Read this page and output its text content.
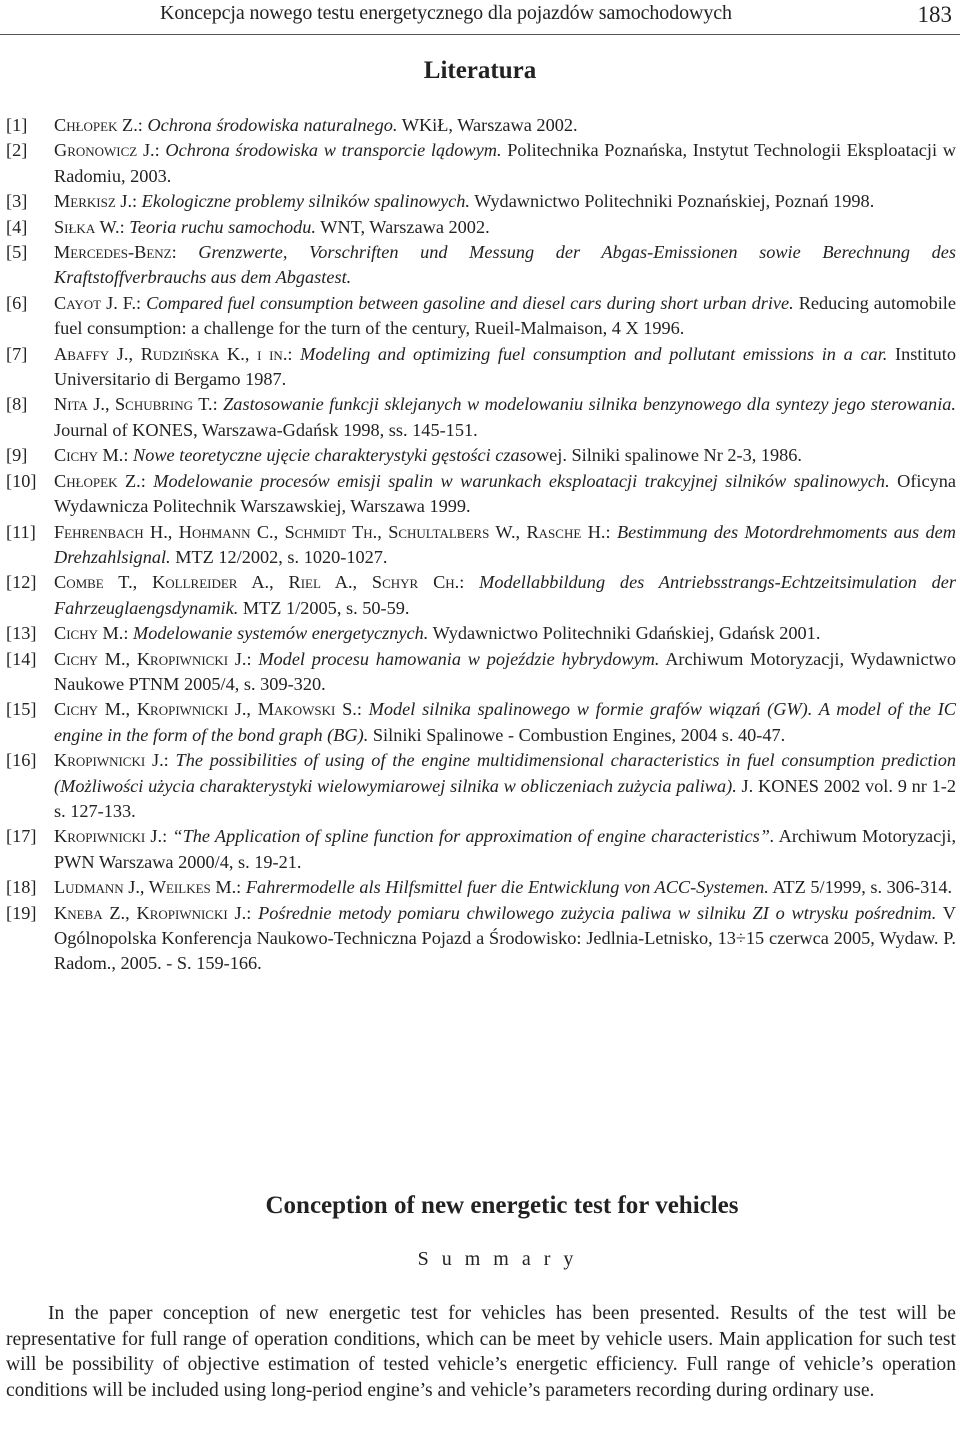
Koncepcja nowego testu energetycznego dla pojazdów samochodowych	183
Literatura
[1] Chłopek Z.: Ochrona środowiska naturalnego. WKiŁ, Warszawa 2002.
[2] Gronowicz J.: Ochrona środowiska w transporcie lądowym. Politechnika Poznańska, Instytut Technologii Eksploatacji w Radomiu, 2003.
[3] Merkisz J.: Ekologiczne problemy silników spalinowych. Wydawnictwo Politechniki Poznańskiej, Poznań 1998.
[4] Siłka W.: Teoria ruchu samochodu. WNT, Warszawa 2002.
[5] Mercedes-Benz: Grenzwerte, Vorschriften und Messung der Abgas-Emissionen sowie Berechnung des Kraftstoffverbrauchs aus dem Abgastest.
[6] Cayot J. F.: Compared fuel consumption between gasoline and diesel cars during short urban drive. Reducing automobile fuel consumption: a challenge for the turn of the century, Rueil-Malmaison, 4 X 1996.
[7] Abaffy J., Rudzińska K., i in.: Modeling and optimizing fuel consumption and pollutant emissions in a car. Instituto Universitario di Bergamo 1987.
[8] Nita J., Schubring T.: Zastosowanie funkcji sklejanych w modelowaniu silnika benzynowego dla syntezy jego sterowania. Journal of KONES, Warszawa-Gdańsk 1998, ss. 145-151.
[9] Cichy M.: Nowe teoretyczne ujęcie charakterystyki gęstości czasowej. Silniki spalinowe Nr 2-3, 1986.
[10] Chłopek Z.: Modelowanie procesów emisji spalin w warunkach eksploatacji trakcyjnej silników spalinowych. Oficyna Wydawnicza Politechnik Warszawskiej, Warszawa 1999.
[11] Fehrenbach H., Hohmann C., Schmidt Th., Schultalbers W., Rasche H.: Bestimmung des Motordrehmoments aus dem Drehzahlsignal. MTZ 12/2002, s. 1020-1027.
[12] Combe T., Kollreider A., Riel A., Schyr Ch.: Modellabbildung des Antriebsstrangs-Echtzeitsimulation der Fahrzeuglaengsdynamik. MTZ 1/2005, s. 50-59.
[13] Cichy M.: Modelowanie systemów energetycznych. Wydawnictwo Politechniki Gdańskiej, Gdańsk 2001.
[14] Cichy M., Kropiwnicki J.: Model procesu hamowania w pojeździe hybrydowym. Archiwum Motoryzacji, Wydawnictwo Naukowe PTNM 2005/4, s. 309-320.
[15] Cichy M., Kropiwnicki J., Makowski S.: Model silnika spalinowego w formie grafów wiązań (GW). A model of the IC engine in the form of the bond graph (BG). Silniki Spalinowe - Combustion Engines, 2004 s. 40-47.
[16] Kropiwnicki J.: The possibilities of using of the engine multidimensional characteristics in fuel consumption prediction (Możliwości użycia charakterystyki wielowymiarowej silnika w obliczeniach zużycia paliwa). J. KONES 2002 vol. 9 nr 1-2 s. 127-133.
[17] Kropiwnicki J.: “The Application of spline function for approximation of engine characteristics”. Archiwum Motoryzacji, PWN Warszawa 2000/4, s. 19-21.
[18] Ludmann J., Weilkes M.: Fahrermodelle als Hilfsmittel fuer die Entwicklung von ACC-Systemen. ATZ 5/1999, s. 306-314.
[19] Kneba Z., Kropiwnicki J.: Pośrednie metody pomiaru chwilowego zużycia paliwa w silniku ZI o wtrysku pośrednim. V Ogólnopolska Konferencja Naukowo-Techniczna Pojazd a Środowisko: Jedlnia-Letnisko, 13÷15 czerwca 2005, Wydaw. P. Radom., 2005. - S. 159-166.
Conception of new energetic test for vehicles
Summary
In the paper conception of new energetic test for vehicles has been presented. Results of the test will be representative for full range of operation conditions, which can be meet by vehicle users. Main application for such test will be possibility of objective estimation of tested vehicle’s energetic efficiency. Full range of vehicle’s operation conditions will be included using long-period engine’s and vehicle’s parameters recording during ordinary use.
